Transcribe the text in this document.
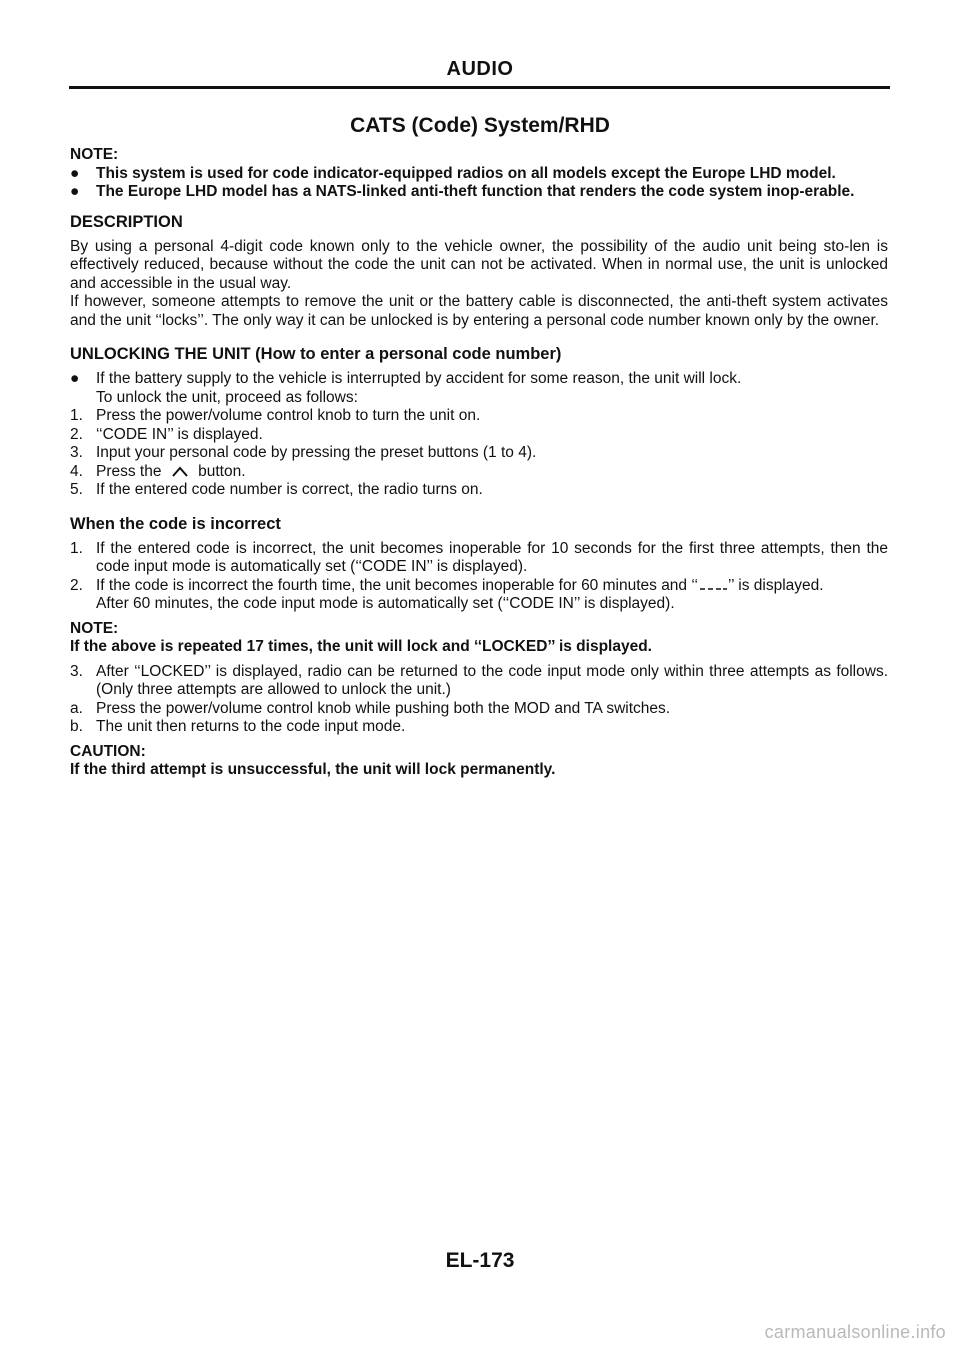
AUDIO
CATS (Code) System/RHD

NOTE:

●	This system is used for code indicator-equipped radios on all models except the Europe LHD model.
●	The Europe LHD model has a NATS-linked anti-theft function that renders the code system inop-erable.
DESCRIPTION

By using a personal 4-digit code known only to the vehicle owner, the possibility of the audio unit being sto-len is effectively reduced, because without the code the unit can not be activated. When in normal use, the unit is unlocked and accessible in the usual way.

If however, someone attempts to remove the unit or the battery cable is disconnected, the anti-theft system activates and the unit ‘‘locks’’. The only way it can be unlocked is by entering a personal code number known only by the owner.

UNLOCKING THE UNIT (How to enter a personal code number)
●	If the battery supply to the vehicle is interrupted by accident for some reason, the unit will lock.

To unlock the unit, proceed as follows:

1. Press the power/volume control knob to turn the unit on.
2. ‘‘CODE IN’’ is displayed.
3. Input your personal code by pressing the preset buttons (1 to 4).
4. Press the button.
5. If the entered code number is correct, the radio turns on.
When the code is incorrect
1. If the entered code is incorrect, the unit becomes inoperable for 10 seconds for the first three attempts, then the code input mode is automatically set (‘‘CODE IN’’ is displayed).
2. If the code is incorrect the fourth time, the unit becomes inoperable for 60 minutes and ‘‘ ’’ is displayed.

After 60 minutes, the code input mode is automatically set (‘‘CODE IN’’ is displayed).

NOTE:

If the above is repeated 17 times, the unit will lock and ‘‘LOCKED’’ is displayed.

3. After ‘‘LOCKED’’ is displayed, radio can be returned to the code input mode only within three attempts as follows. (Only three attempts are allowed to unlock the unit.)
a. Press the power/volume control knob while pushing both the MOD and TA switches.
b. The unit then returns to the code input mode.

CAUTION:

If the third attempt is unsuccessful, the unit will lock permanently.

EL-173
carmanualsonline.info
